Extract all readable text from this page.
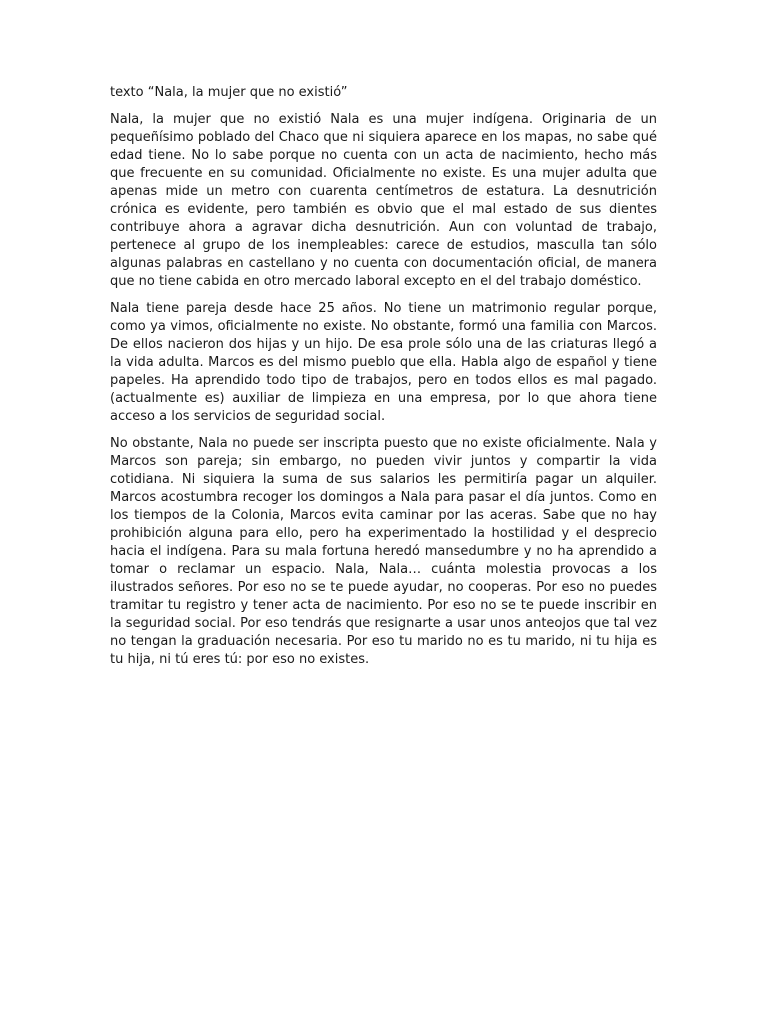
texto “Nala, la mujer que no existió”

Nala, la mujer que no existió Nala es una mujer indígena. Originaria de un pequeñísimo poblado del Chaco que ni siquiera aparece en los mapas, no sabe qué edad tiene. No lo sabe porque no cuenta con un acta de nacimiento, hecho más que frecuente en su comunidad. Oficialmente no existe. Es una mujer adulta que apenas mide un metro con cuarenta centímetros de estatura. La desnutrición crónica es evidente, pero también es obvio que el mal estado de sus dientes contribuye ahora a agravar dicha desnutrición. Aun con voluntad de trabajo, pertenece al grupo de los inempleables: carece de estudios, masculla tan sólo algunas palabras en castellano y no cuenta con documentación oficial, de manera que no tiene cabida en otro mercado laboral excepto en el del trabajo doméstico.

Nala tiene pareja desde hace 25 años. No tiene un matrimonio regular porque, como ya vimos, oficialmente no existe. No obstante, formó una familia con Marcos. De ellos nacieron dos hijas y un hijo. De esa prole sólo una de las criaturas llegó a la vida adulta. Marcos es del mismo pueblo que ella. Habla algo de español y tiene papeles. Ha aprendido todo tipo de trabajos, pero en todos ellos es mal pagado. (actualmente es) auxiliar de limpieza en una empresa, por lo que ahora tiene acceso a los servicios de seguridad social.

No obstante, Nala no puede ser inscripta puesto que no existe oficialmente. Nala y Marcos son pareja; sin embargo, no pueden vivir juntos y compartir la vida cotidiana. Ni siquiera la suma de sus salarios les permitiría pagar un alquiler. Marcos acostumbra recoger los domingos a Nala para pasar el día juntos. Como en los tiempos de la Colonia, Marcos evita caminar por las aceras. Sabe que no hay prohibición alguna para ello, pero ha experimentado la hostilidad y el desprecio hacia el indígena. Para su mala fortuna heredó mansedumbre y no ha aprendido a tomar o reclamar un espacio. Nala, Nala… cuánta molestia provocas a los ilustrados señores. Por eso no se te puede ayudar, no cooperas. Por eso no puedes tramitar tu registro y tener acta de nacimiento. Por eso no se te puede inscribir en la seguridad social. Por eso tendrás que resignarte a usar unos anteojos que tal vez no tengan la graduación necesaria. Por eso tu marido no es tu marido, ni tu hija es tu hija, ni tú eres tú: por eso no existes.
